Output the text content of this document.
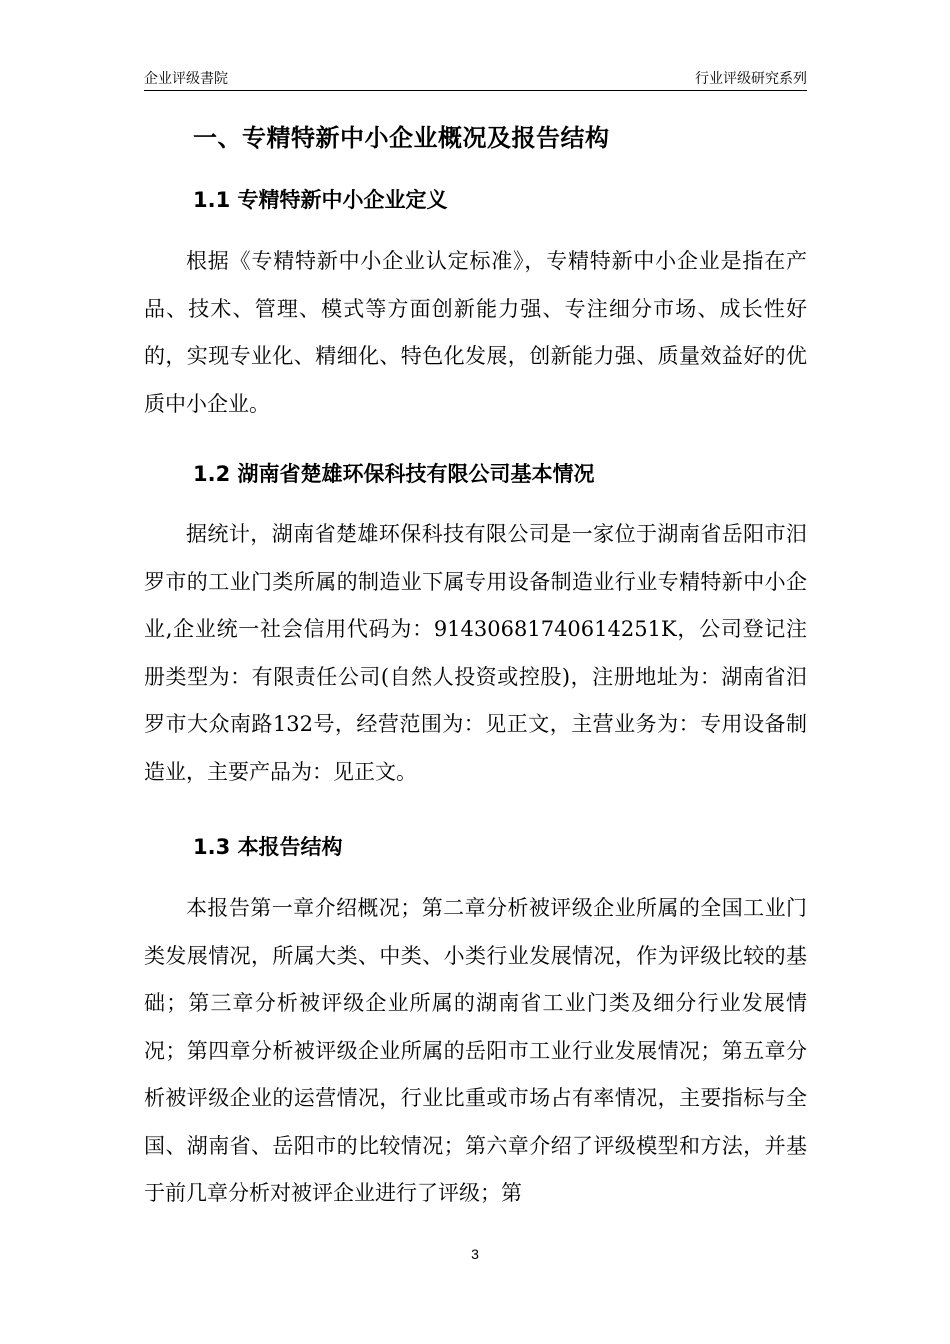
企业评级書院	行业评级研究系列
一、专精特新中小企业概况及报告结构
1.1 专精特新中小企业定义

根据《专精特新中小企业认定标准》，专精特新中小企业是指在产品、技术、管理、模式等方面创新能力强、专注细分市场、成长性好的，实现专业化、精细化、特色化发展，创新能力强、质量效益好的优质中小企业。

1.2 湖南省楚雄环保科技有限公司基本情况

据统计，湖南省楚雄环保科技有限公司是一家位于湖南省岳阳市汨罗市的工业门类所属的制造业下属专用设备制造业行业专精特新中小企业,企业统一社会信用代码为：91430681740614251K，公司登记注册类型为：有限责任公司(自然人投资或控股)，注册地址为：湖南省汨罗市大众南路132号，经营范围为：见正文，主营业务为：专用设备制造业，主要产品为：见正文。

1.3 本报告结构

本报告第一章介绍概况；第二章分析被评级企业所属的全国工业门类发展情况，所属大类、中类、小类行业发展情况，作为评级比较的基础；第三章分析被评级企业所属的湖南省工业门类及细分行业发展情况；第四章分析被评级企业所属的岳阳市工业行业发展情况；第五章分析被评级企业的运营情况，行业比重或市场占有率情况，主要指标与全国、湖南省、岳阳市的比较情况；第六章介绍了评级模型和方法，并基于前几章分析对被评企业进行了评级；第

3
